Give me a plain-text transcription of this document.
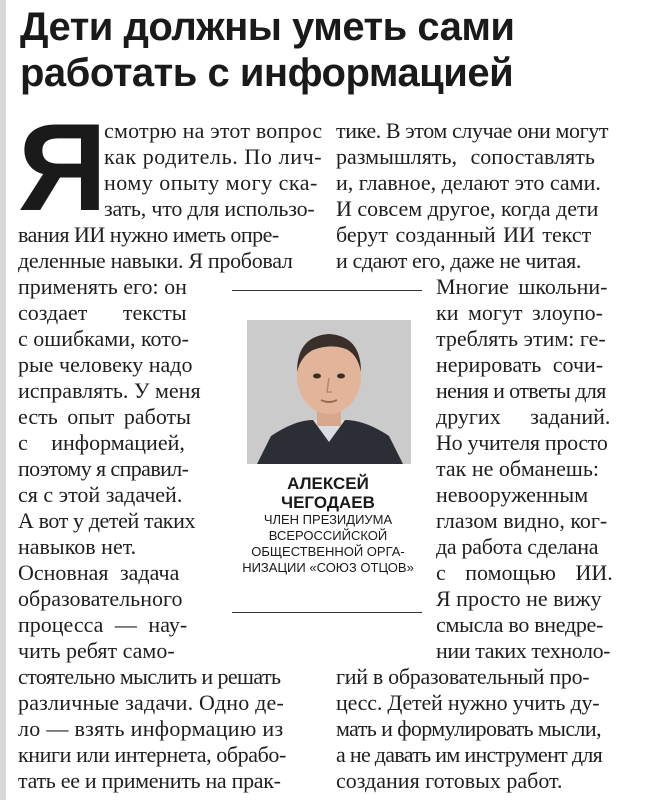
Дети должны уметь сами
работать с информацией
Я
смотрю на этот вопрос
как родитель. По лич-
ному опыту могу ска-
зать, что для использо-
вания ИИ нужно иметь опре-
деленные навыки. Я пробовал
применять его: он
создает тексты
с ошибками, кото-
рые человеку надо
исправлять. У меня
есть опыт работы
с информацией,
поэтому я справил-
ся с этой задачей.
А вот у детей таких
навыков нет.
Основная задача
образовательного
процесса — нау-
чить ребят само-
стоятельно мыслить и решать
различные задачи. Одно де-
ло — взять информацию из
книги или интернета, обрабо-
тать ее и применить на прак-
тике. В этом случае они могут
размышлять, сопоставлять
и, главное, делают это сами.
И совсем другое, когда дети
берут созданный ИИ текст
и сдают его, даже не читая.
Многие школьни-
ки могут злоупо-
треблять этим: ге-
нерировать сочи-
нения и ответы для
других заданий.
Но учителя просто
так не обманешь:
невооруженным
глазом видно, ког-
да работа сделана
с помощью ИИ.
Я просто не вижу
смысла во внедре-
нии таких техноло-
гий в образовательный про-
цесс. Детей нужно учить ду-
мать и формулировать мысли,
а не давать им инструмент для
создания готовых работ.
АЛЕКСЕЙ
ЧЕГОДАЕВ
ЧЛЕН ПРЕЗИДИУМА
ВСЕРОССИЙСКОЙ
ОБЩЕСТВЕННОЙ ОРГА-
НИЗАЦИИ «СОЮЗ ОТЦОВ»
